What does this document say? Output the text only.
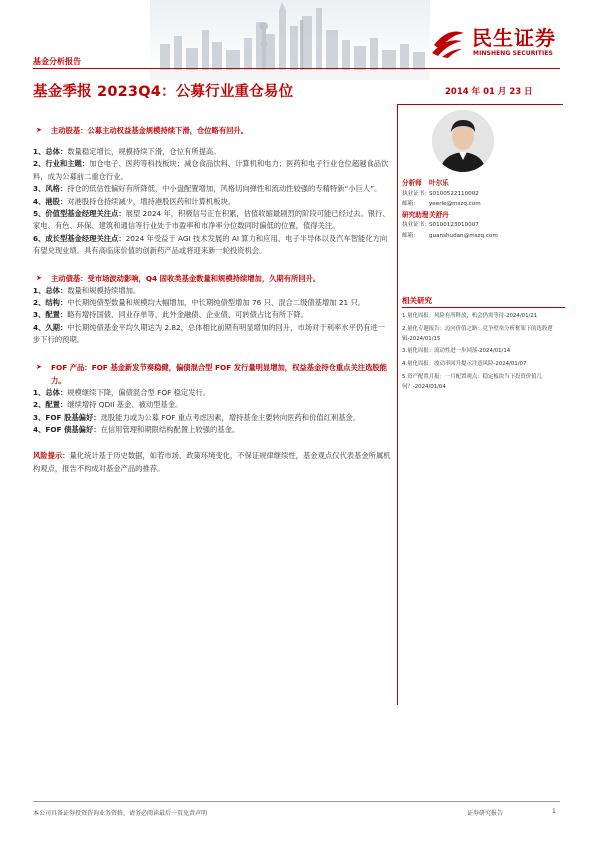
民生证券
MINSHENG SECURITIES
基金分析报告
基金季报 2023Q4：公募行业重仓易位	2014 年 01 月 23 日
➤ 主动股基：公募主动权益基金规模持续下滑，仓位略有回升。
1、总体：数量稳定增长，规模持续下滑，仓位有所提高。
2、行业和主题：加仓电子、医药等科技板块；减仓食品饮料、计算机和电力；医药和电子行业仓位超越食品饮料，成为公募前二重仓行业。
3、风格：持仓的低估性偏好有所降低，中小盘配置增加，风格切向弹性和流动性较强的专精特新“小巨人”。
4、港股：对港股持仓持续减少，增持港股医药和计算机板块。
5、价值型基金经理关注点：展望 2024 年，积极信号正在积累，估值收缩最剧烈的阶段可能已经过去。银行、家电、有色、环保、建筑和通信等行业处于市盈率和市净率分位数同时偏低的位置，值得关注。
6、成长型基金经理关注点：2024 年受益于 AGI 技术发展的 AI 算力和应用、电子半导体以及汽车智能化方向有望兑现业绩。具有高临床价值的创新药产品或将迎来新一轮投资机会。
➤ 主动债基：受市场波动影响，Q4 固收类基金数量和规模持续增加，久期有所回升。
1、总体：数量和规模持续增加。
2、结构：中长期纯债型数量和规模均大幅增加，中长期纯债型增加 76 只、混合二级债基增加 21 只。
3、配置：略有增持国债、同业存单等，此外金融债、企业债、可转债占比有所下降。
4、久期：中长期纯债基金平均久期达为 2.82，总体相比前期有明显增加的回升，市场对于利率水平仍有进一步下行的预期。
➤ FOF 产品：FOF 基金新发节奏稳健，偏债混合型 FOF 发行量明显增加，权益基金持仓重点关注选股能力。
1、总体：规模继续下降，偏债混合型 FOF 稳定发行。
2、配置：继续增持 QDII 基金、被动型基金。
3、FOF 股基偏好：选股能力或为公募 FOF 重点考虑因素，增持基金主要转向医药和价值红利基金。
4、FOF 债基偏好：在信用管理和期限结构配置上较强的基金。
风险提示：量化统计基于历史数据，如若市场、政策环境变化，不保证规律继续性，基金观点仅代表基金所属机构观点，报告不构成对基金产品的推荐。
分析师 叶尔乐
执业证书：S0100522110002
邮箱： yeerle@mszq.com
研究助理关舒丹
执业证书：S0100123010007
邮箱： guanshudan@mszq.com
相关研究
1.量化周报：风险有所释放，机会仍需等待-2024/01/21
2.量化专题报告：迈向价值之路：竞争壁垒分析框架下的选股逻辑-2024/01/15
3.量化周报：流动性进一步回落-2024/01/14
4.量化周报：波动率回升提示注意风险-2024/01/07
5.资产配置月报：一月配置观点：稳定板块当下投资价值几何？-2024/01/04
本公司具备证券投资咨询业务资格，请务必阅读最后一页免责声明	证券研究报告	1
